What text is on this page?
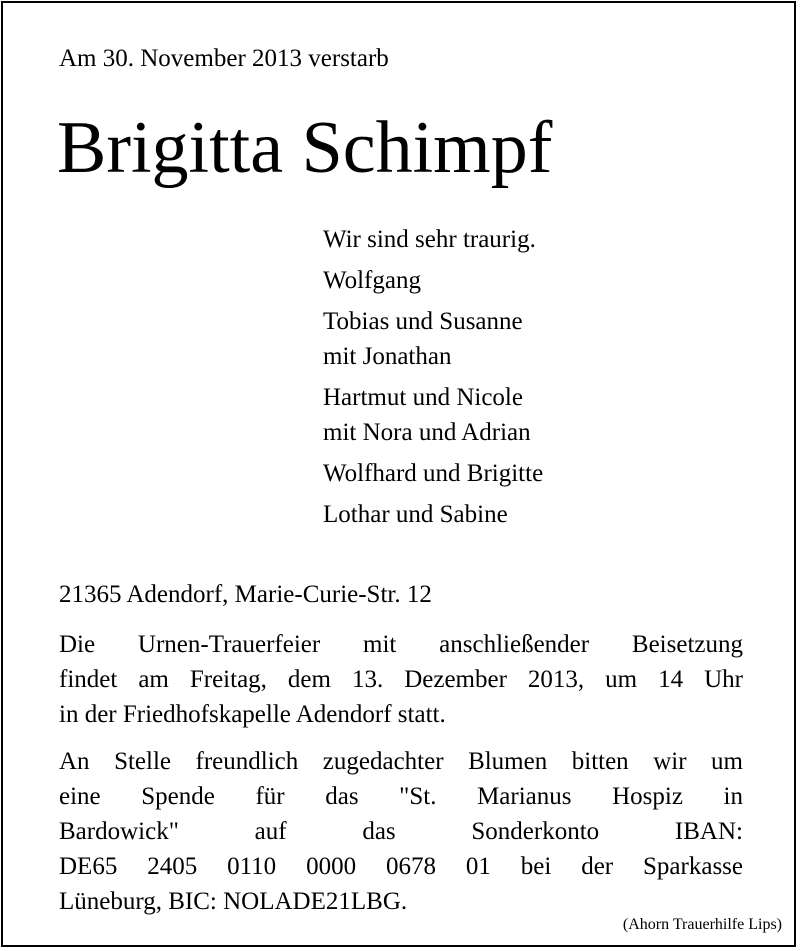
Am 30. November 2013 verstarb
Brigitta Schimpf
Wir sind sehr traurig.
Wolfgang
Tobias und Susanne
mit Jonathan
Hartmut und Nicole
mit Nora und Adrian
Wolfhard und Brigitte
Lothar und Sabine
21365 Adendorf, Marie-Curie-Str. 12
Die Urnen-Trauerfeier mit anschließender Beisetzung
findet am Freitag, dem 13. Dezember 2013, um 14 Uhr
in der Friedhofskapelle Adendorf statt.
An Stelle freundlich zugedachter Blumen bitten wir um
eine Spende für das "St. Marianus Hospiz in
Bardowick" auf das Sonderkonto IBAN:
DE65 2405 0110 0000 0678 01 bei der Sparkasse
Lüneburg, BIC: NOLADE21LBG.
(Ahorn Trauerhilfe Lips)
